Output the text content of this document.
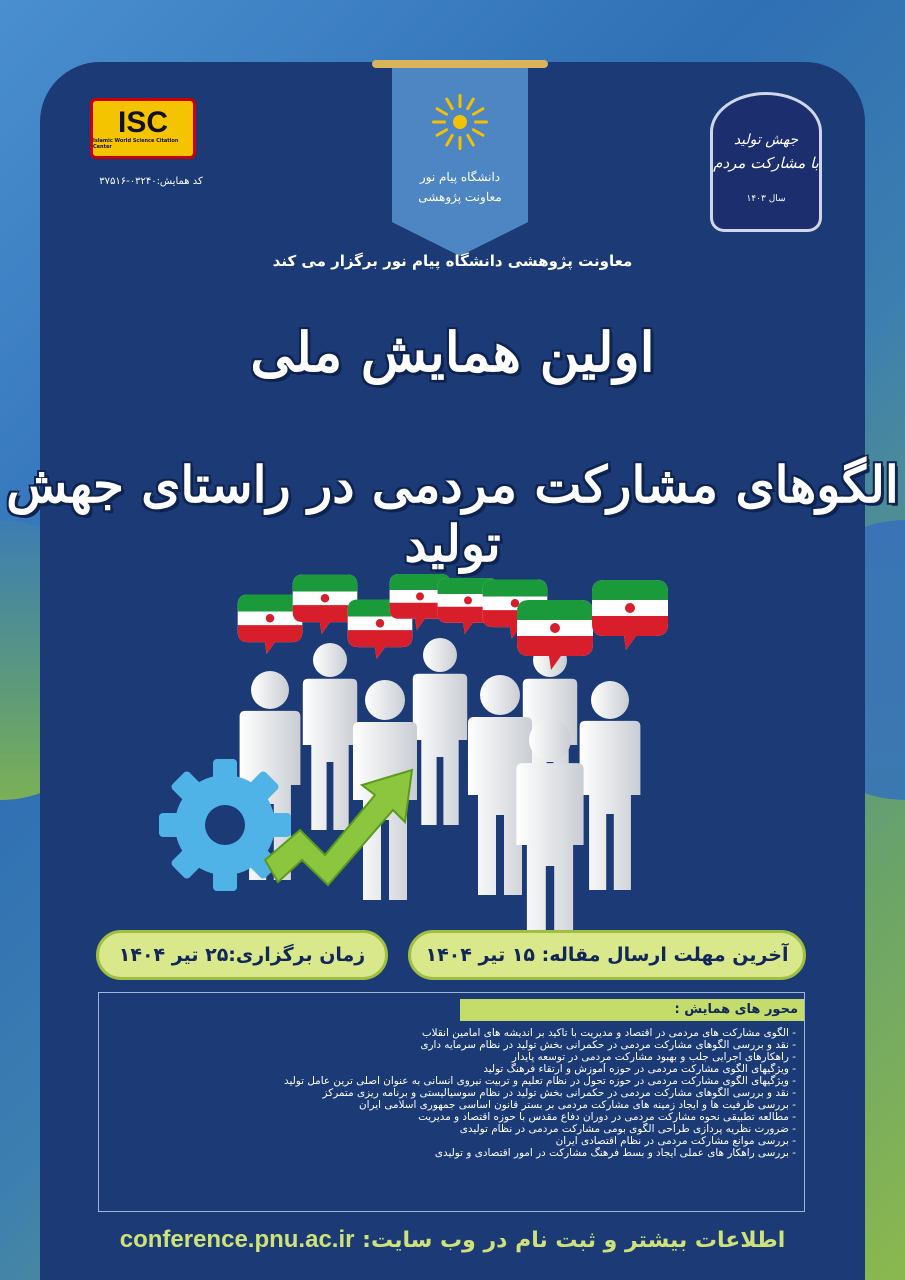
ISC
Islamic World Science Citation Center
کد همایش:۰۳۲۴۰-۳۷۵۱۶	دانشگاه پیام نور
معاونت پژوهشی
جهش تولید
با مشارکت مردم
سال ۱۴۰۳
معاونت پژوهشی دانشگاه پیام نور برگزار می کند
اولین همایش ملی
الگوهای مشارکت مردمی در راستای جهش تولید
آخرین مهلت ارسال مقاله: ۱۵ تیر ۱۴۰۴
زمان برگزاری:۲۵ تیر ۱۴۰۴
محور های همایش :
- الگوی مشارکت های مردمی در اقتصاد و مدیریت با تاکید بر اندیشه های امامین انقلاب
- نقد و بررسی الگوهای مشارکت مردمی در حکمرانی بخش تولید در نظام سرمایه داری
- راهکارهای اجرایی جلب و بهبود مشارکت مردمی در توسعه پایدار
- ویژگیهای الگوی مشارکت مردمی در حوزه آموزش و ارتقاء فرهنگ تولید
- ویژگیهای الگوی مشارکت مردمی در حوزه تحول در نظام تعلیم و تربیت نیروی انسانی به عنوان اصلی ترین عامل تولید
- نقد و بررسی الگوهای مشارکت مردمی در حکمرانی بخش تولید در نظام سوسیالیستی و برنامه ریزی متمرکز
- بررسی ظرفیت ها و ایجاد زمینه های مشارکت مردمی بر بستر قانون اساسی جمهوری اسلامی ایران
- مطالعه تطبیقی نحوه مشارکت مردمی در دوران دفاع مقدس با حوزه اقتصاد و مدیریت
- ضرورت نظریه پردازی طراحی الگوی بومی مشارکت مردمی در نظام تولیدی
- بررسی موانع مشارکت مردمی در نظام اقتصادی ایران
- بررسی راهکار های عملی ایجاد و بسط فرهنگ مشارکت در امور اقتصادی و تولیدی
اطلاعات بیشتر و ثبت نام در وب سایت: conference.pnu.ac.ir
